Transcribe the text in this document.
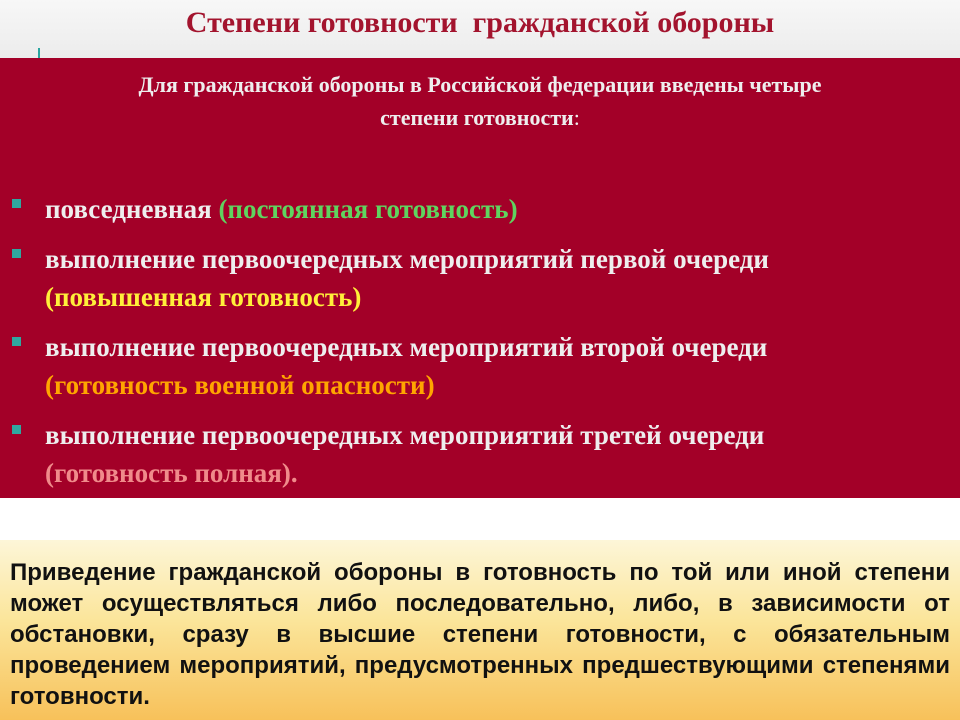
Степени готовности  гражданской обороны
Для гражданской обороны в Российской федерации введены четыре
степени готовности:
повседневная (постоянная готовность)
выполнение первоочередных мероприятий первой очереди
(повышенная готовность)
выполнение первоочередных мероприятий второй очереди
(готовность военной опасности)
выполнение первоочередных мероприятий третей очереди
(готовность полная).

Приведение гражданской обороны в готовность по той или иной степени может осуществляться либо последовательно, либо, в зависимости от обстановки, сразу в высшие степени готовности, с обязательным проведением мероприятий, предусмотренных предшествующими степенями готовности.
